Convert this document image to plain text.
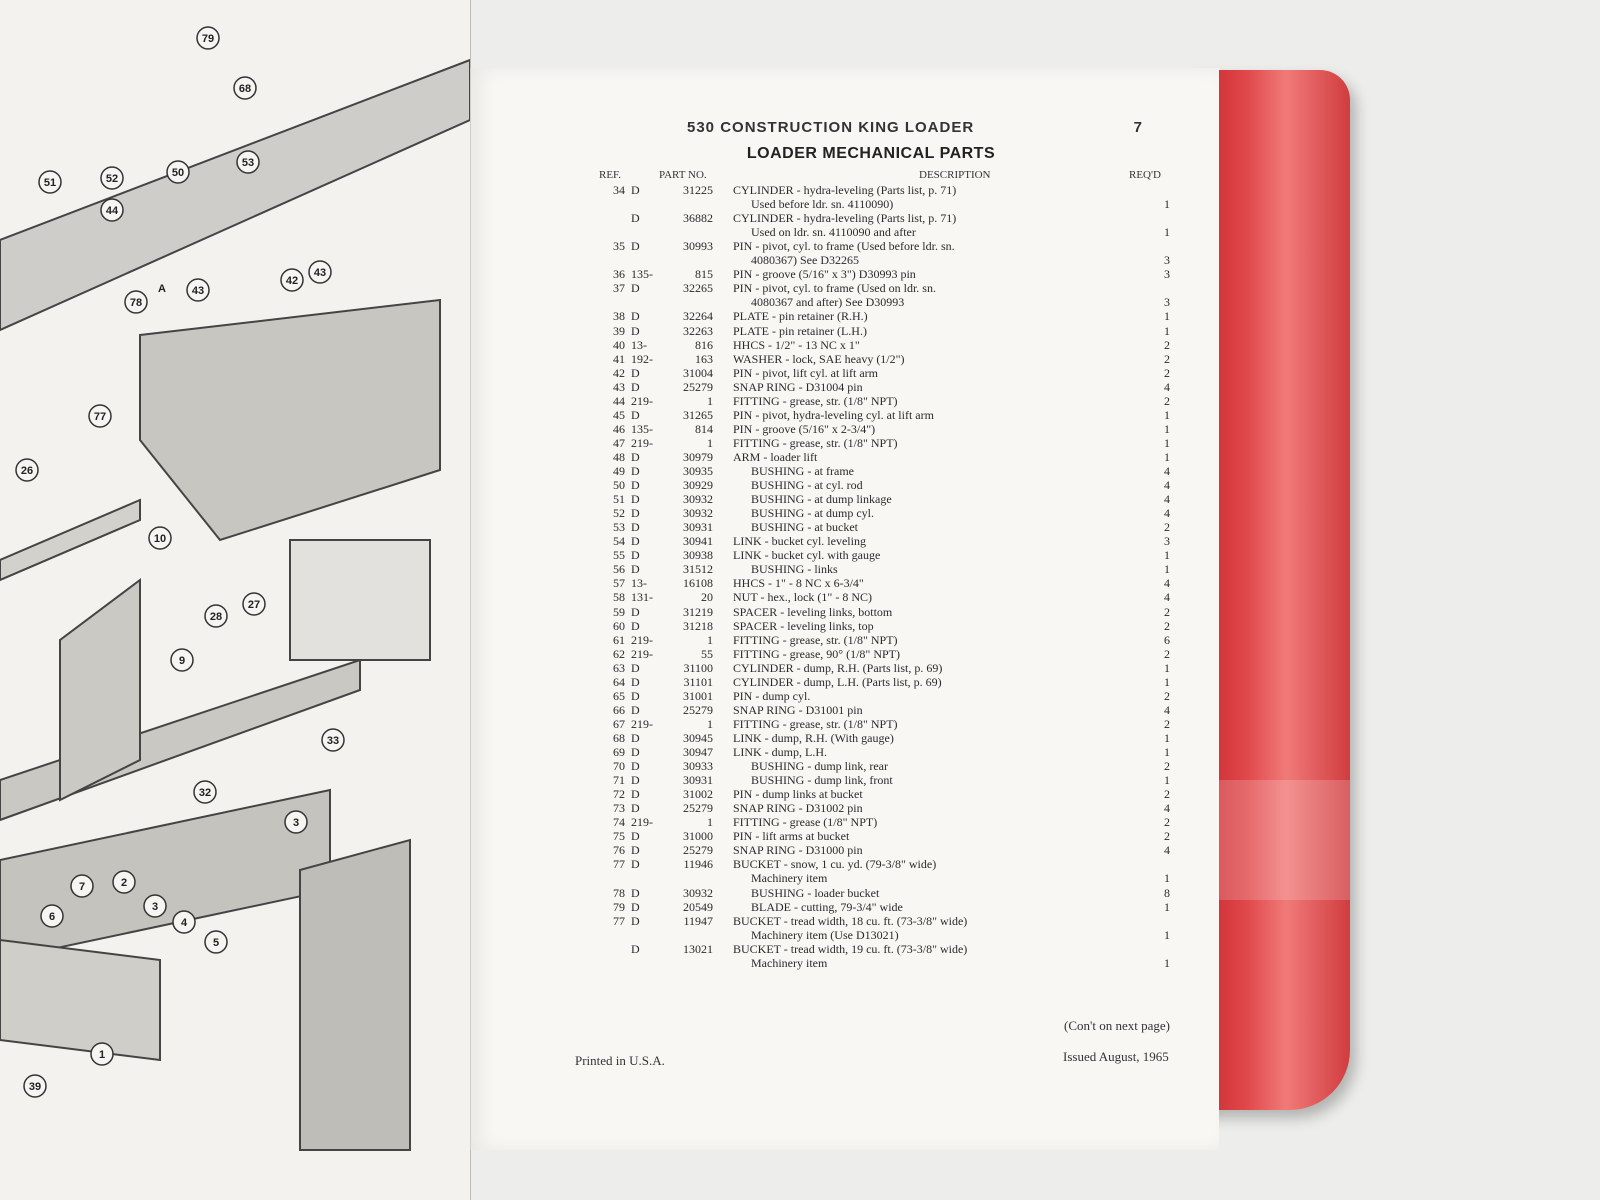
79
68
51
53
52	50
44
42
43
43
78
77
26
10
28
27
9
33
32
3
2
7
6
3
4
5
1
39
A
530 CONSTRUCTION KING LOADER	7
LOADER MECHANICAL PARTS
REF.	PART NO.	DESCRIPTION	REQ'D
34 D	31225 CYLINDER - hydra-leveling (Parts list, p. 71)
Used before ldr. sn. 4110090)	1
D	36882 CYLINDER - hydra-leveling (Parts list, p. 71)
Used on ldr. sn. 4110090 and after	1
35 D	30993 PIN - pivot, cyl. to frame (Used before ldr. sn.
4080367) See D32265	3
36 135-	815 PIN - groove (5/16" x 3") D30993 pin	3
37 D	32265 PIN - pivot, cyl. to frame (Used on ldr. sn.
4080367 and after) See D30993	3
38 D	32264 PLATE - pin retainer (R.H.)	1
39 D	32263 PLATE - pin retainer (L.H.)	1
40 13-	816 HHCS - 1/2" - 13 NC x 1"	2
41 192-	163 WASHER - lock, SAE heavy (1/2")	2
42 D	31004 PIN - pivot, lift cyl. at lift arm	2
43 D	25279 SNAP RING - D31004 pin	4
44 219-	1 FITTING - grease, str. (1/8" NPT)	2
45 D	31265 PIN - pivot, hydra-leveling cyl. at lift arm	1
46 135-	814 PIN - groove (5/16" x 2-3/4")	1
47 219-	1 FITTING - grease, str. (1/8" NPT)	1
48 D	30979 ARM - loader lift	1
49 D	30935	BUSHING - at frame	4
50 D	30929	BUSHING - at cyl. rod	4
51 D	30932	BUSHING - at dump linkage	4
52 D	30932	BUSHING - at dump cyl.	4
53 D	30931	BUSHING - at bucket	2
54 D	30941 LINK - bucket cyl. leveling	3
55 D	30938 LINK - bucket cyl. with gauge	1
56 D	31512	BUSHING - links	1
57 13-	16108 HHCS - 1" - 8 NC x 6-3/4"	4
58 131-	20 NUT - hex., lock (1" - 8 NC)	4
59 D	31219 SPACER - leveling links, bottom	2
60 D	31218 SPACER - leveling links, top	2
61 219-	1 FITTING - grease, str. (1/8" NPT)	6
62 219-	55 FITTING - grease, 90° (1/8" NPT)	2
63 D	31100 CYLINDER - dump, R.H. (Parts list, p. 69)	1
64 D	31101 CYLINDER - dump, L.H. (Parts list, p. 69)	1
65 D	31001 PIN - dump cyl.	2
66 D	25279 SNAP RING - D31001 pin	4
67 219-	1 FITTING - grease, str. (1/8" NPT)	2
68 D	30945 LINK - dump, R.H. (With gauge)	1
69 D	30947 LINK - dump, L.H.	1
70 D	30933	BUSHING - dump link, rear	2
71 D	30931	BUSHING - dump link, front	1
72 D	31002 PIN - dump links at bucket	2
73 D	25279 SNAP RING - D31002 pin	4
74 219-	1 FITTING - grease (1/8" NPT)	2
75 D	31000 PIN - lift arms at bucket	2
76 D	25279 SNAP RING - D31000 pin	4
77 D	11946 BUCKET - snow, 1 cu. yd. (79-3/8" wide)
Machinery item	1
78 D	30932	BUSHING - loader bucket	8
79 D	20549	BLADE - cutting, 79-3/4" wide	1
77 D	11947 BUCKET - tread width, 18 cu. ft. (73-3/8" wide)
Machinery item (Use D13021)	1
D	13021 BUCKET - tread width, 19 cu. ft. (73-3/8" wide)
Machinery item	1
(Con't on next page)
Printed in U.S.A.	Issued August, 1965
